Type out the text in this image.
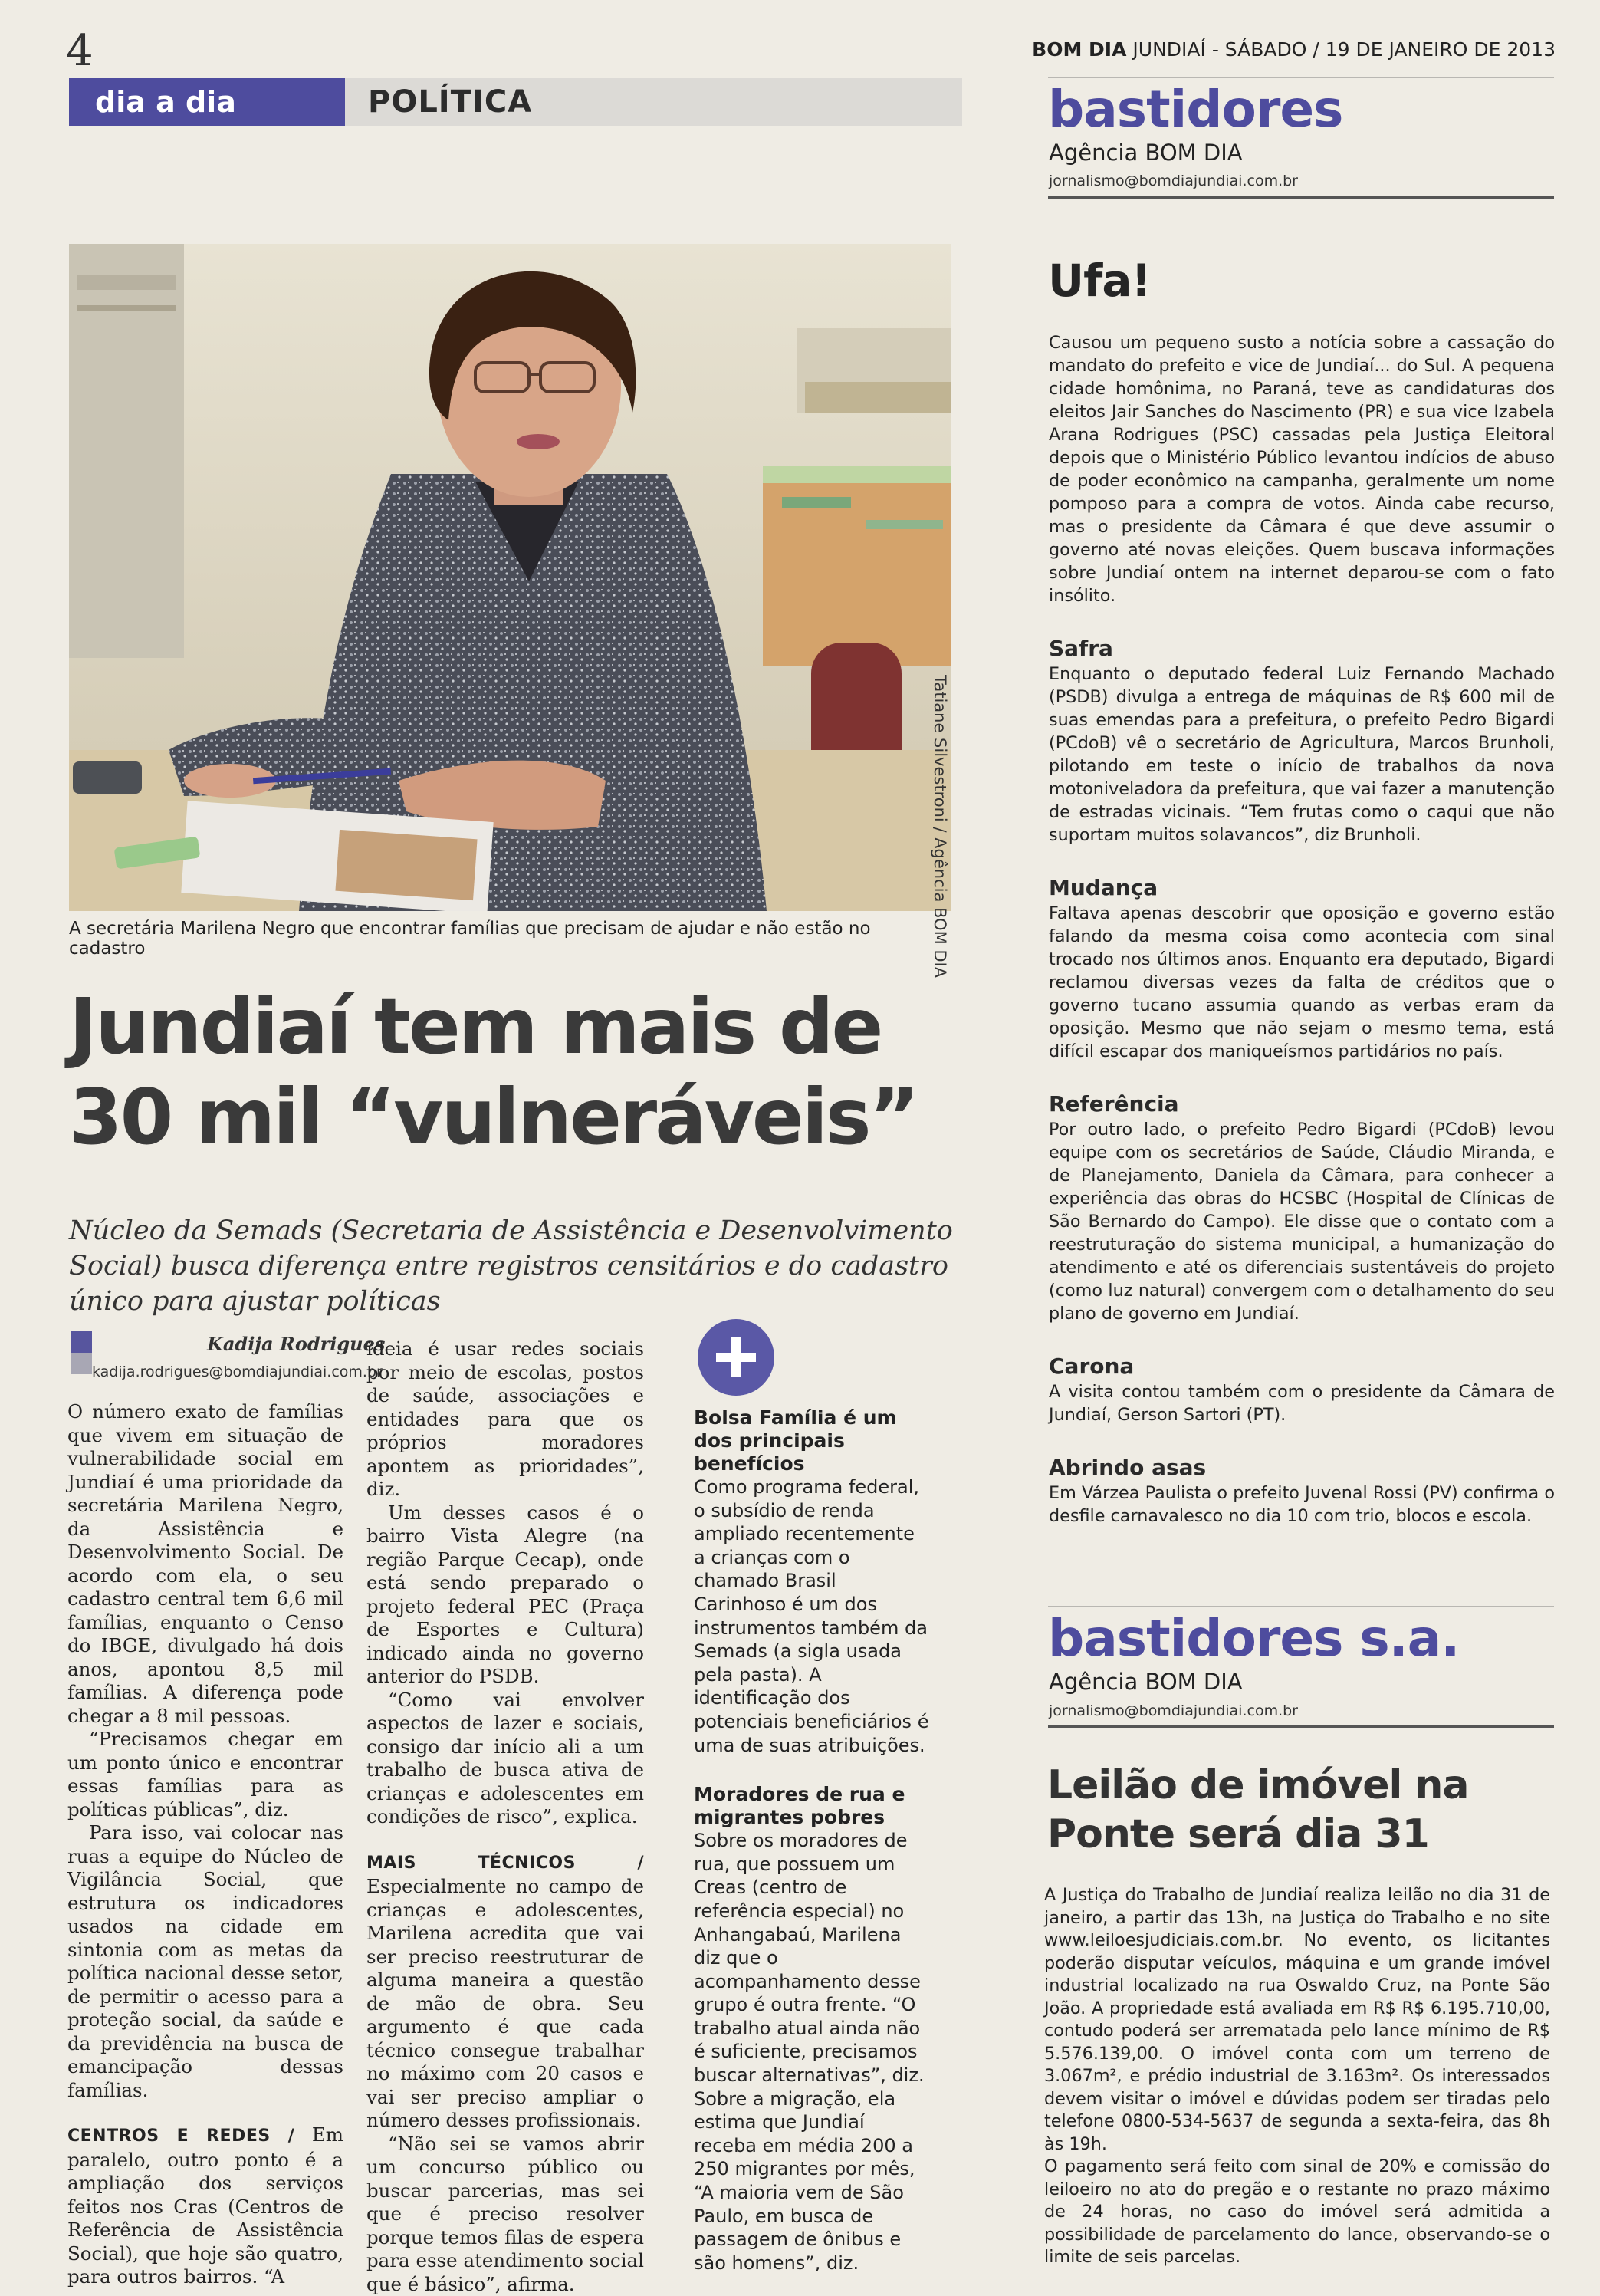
4	BOM DIA JUNDIAÍ - SÁBADO / 19 DE JANEIRO DE 2013
dia a dia	POLÍTICA
Tatiane Silvestroni / Agência BOM DIA
A secretária Marilena Negro que encontrar famílias que precisam de ajudar e não estão no cadastro
Jundiaí tem mais de
30 mil “vulneráveis”
Núcleo da Semads (Secretaria de Assistência e Desenvolvimento Social) busca diferença entre registros censitários e do cadastro único para ajustar políticas
Kadija Rodrigues
kadija.rodrigues@bomdiajundiai.com.br

O número exato de famílias que vivem em situação de vulnerabilidade social em Jundiaí é uma prioridade da secretária Marilena Negro, da Assistência e Desenvolvimento Social. De acordo com ela, o seu cadastro central tem 6,6 mil famílias, enquanto o Censo do IBGE, divulgado há dois anos, apontou 8,5 mil famílias. A diferença pode chegar a 8 mil pessoas.

“Precisamos chegar em um ponto único e encontrar essas famílias para as políticas públicas”, diz.

Para isso, vai colocar nas ruas a equipe do Núcleo de Vigilância Social, que estrutura os indicadores usados na cidade em sintonia com as metas da política nacional desse setor, de permitir o acesso para a proteção social, da saúde e da previdência na busca de emancipação dessas famílias.

CENTROS E REDES / Em paralelo, outro ponto é a ampliação dos serviços feitos nos Cras (Centros de Referência de Assistência Social), que hoje são quatro, para outros bairros. “A

ideia é usar redes sociais por meio de escolas, postos de saúde, associações e entidades para que os próprios moradores apontem as prioridades”, diz.

Um desses casos é o bairro Vista Alegre (na região Parque Cecap), onde está sendo preparado o projeto federal PEC (Praça de Esportes e Cultura) indicado ainda no governo anterior do PSDB.

“Como vai envolver aspectos de lazer e sociais, consigo dar início ali a um trabalho de busca ativa de crianças e adolescentes em condições de risco”, explica.

MAIS TÉCNICOS / Especialmente no campo de crianças e adolescentes, Marilena acredita que vai ser preciso reestruturar de alguma maneira a questão de mão de obra. Seu argumento é que cada técnico consegue trabalhar no máximo com 20 casos e vai ser preciso ampliar o número desses profissionais.

“Não sei se vamos abrir um concurso público ou buscar parcerias, mas sei que é preciso resolver porque temos filas de espera para esse atendimento social que é básico”, afirma.

Bolsa Família é um dos principais benefícios

Como programa federal, o subsídio de renda ampliado recentemente a crianças com o chamado Brasil Carinhoso é um dos instrumentos também da Semads (a sigla usada pela pasta). A identificação dos potenciais beneficiários é uma de suas atribuições.

Moradores de rua e migrantes pobres

Sobre os moradores de rua, que possuem um Creas (centro de referência especial) no Anhangabaú, Marilena diz que o acompanhamento desse grupo é outra frente. “O trabalho atual ainda não é suficiente, precisamos buscar alternativas”, diz. Sobre a migração, ela estima que Jundiaí receba em média 200 a 250 migrantes por mês, “A maioria vem de São Paulo, em busca de passagem de ônibus e são homens”, diz.

bastidores
Agência BOM DIA
jornalismo@bomdiajundiai.com.br
Ufa!

Causou um pequeno susto a notícia sobre a cassação do mandato do prefeito e vice de Jundiaí... do Sul. A pequena cidade homônima, no Paraná, teve as candidaturas dos eleitos Jair Sanches do Nascimento (PR) e sua vice Izabela Arana Rodrigues (PSC) cassadas pela Justiça Eleitoral depois que o Ministério Público levantou indícios de abuso de poder econômico na campanha, geralmente um nome pomposo para a compra de votos. Ainda cabe recurso, mas o presidente da Câmara é que deve assumir o governo até novas eleições. Quem buscava informações sobre Jundiaí ontem na internet deparou-se com o fato insólito.

Safra

Enquanto o deputado federal Luiz Fernando Machado (PSDB) divulga a entrega de máquinas de R$ 600 mil de suas emendas para a prefeitura, o prefeito Pedro Bigardi (PCdoB) vê o secretário de Agricultura, Marcos Brunholi, pilotando em teste o início de trabalhos da nova motoniveladora da prefeitura, que vai fazer a manutenção de estradas vicinais. “Tem frutas como o caqui que não suportam muitos solavancos”, diz Brunholi.

Mudança

Faltava apenas descobrir que oposição e governo estão falando da mesma coisa como acontecia com sinal trocado nos últimos anos. Enquanto era deputado, Bigardi reclamou diversas vezes da falta de créditos que o governo tucano assumia quando as verbas eram da oposição. Mesmo que não sejam o mesmo tema, está difícil escapar dos maniqueísmos partidários no país.

Referência

Por outro lado, o prefeito Pedro Bigardi (PCdoB) levou equipe com os secretários de Saúde, Cláudio Miranda, e de Planejamento, Daniela da Câmara, para conhecer a experiência das obras do HCSBC (Hospital de Clínicas de São Bernardo do Campo). Ele disse que o contato com a reestruturação do sistema municipal, a humanização do atendimento e até os diferenciais sustentáveis do projeto (como luz natural) convergem com o detalhamento do seu plano de governo em Jundiaí.

Carona

A visita contou também com o presidente da Câmara de Jundiaí, Gerson Sartori (PT).

Abrindo asas

Em Várzea Paulista o prefeito Juvenal Rossi (PV) confirma o desfile carnavalesco no dia 10 com trio, blocos e escola.

bastidores s.a.
Agência BOM DIA
jornalismo@bomdiajundiai.com.br
Leilão de imóvel na Ponte será dia 31

A Justiça do Trabalho de Jundiaí realiza leilão no dia 31 de janeiro, a partir das 13h, na Justiça do Trabalho e no site www.leiloesjudiciais.com.br. No evento, os licitantes poderão disputar veículos, máquina e um grande imóvel industrial localizado na rua Oswaldo Cruz, na Ponte São João. A propriedade está avaliada em R$ R$ 6.195.710,00, contudo poderá ser arrematada pelo lance mínimo de R$ 5.576.139,00. O imóvel conta com um terreno de 3.067m², e prédio industrial de 3.163m². Os interessados devem visitar o imóvel e dúvidas podem ser tiradas pelo telefone 0800-534-5637 de segunda a sexta-feira, das 8h às 19h.

O pagamento será feito com sinal de 20% e comissão do leiloeiro no ato do pregão e o restante no prazo máximo de 24 horas, no caso do imóvel será admitida a possibilidade de parcelamento do lance, observando-se o limite de seis parcelas.
